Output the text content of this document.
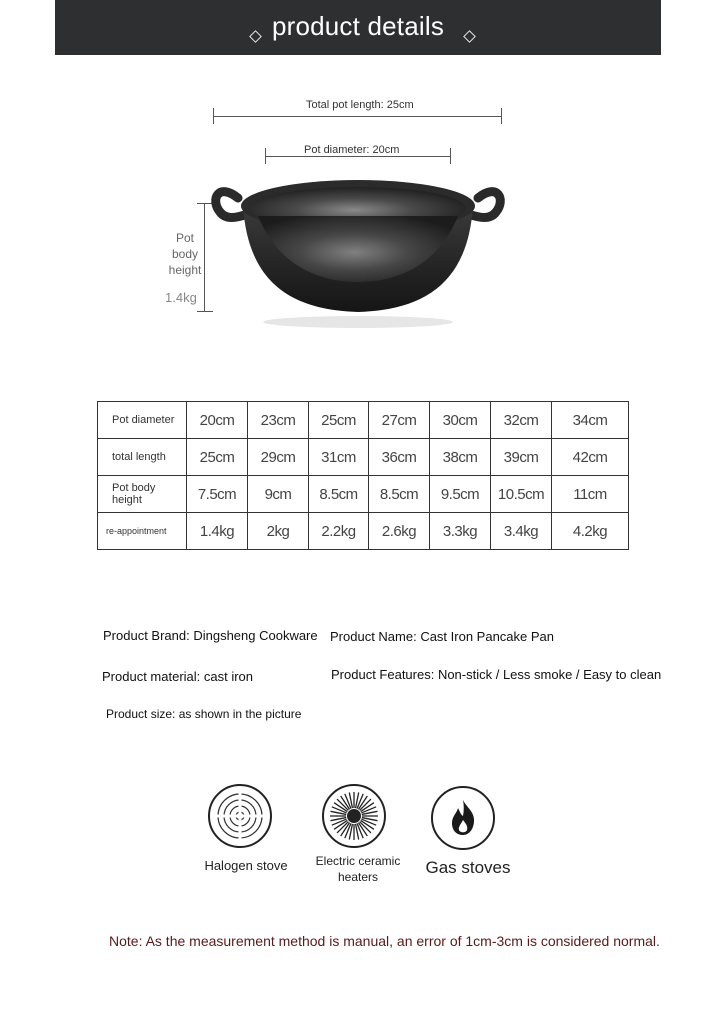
product details
Total pot length: 25cm
Pot diameter: 20cm
Pot
body
height
1.4kg
Pot diameter	20cm	23cm	25cm	27cm	30cm	32cm	34cm
total length	25cm	29cm	31cm	36cm	38cm	39cm	42cm
Pot body height	7.5cm	9cm	8.5cm	8.5cm	9.5cm	10.5cm	11cm
re-appointment	1.4kg	2kg	2.2kg	2.6kg	3.3kg	3.4kg	4.2kg
Product Brand: Dingsheng Cookware Product Name: Cast Iron Pancake Pan
Product material: cast iron	Product Features: Non-stick / Less smoke / Easy to clean
Product size: as shown in the picture
Halogen stove	Electric ceramic heaters	Gas stoves
Note: As the measurement method is manual, an error of 1cm-3cm is considered normal.
